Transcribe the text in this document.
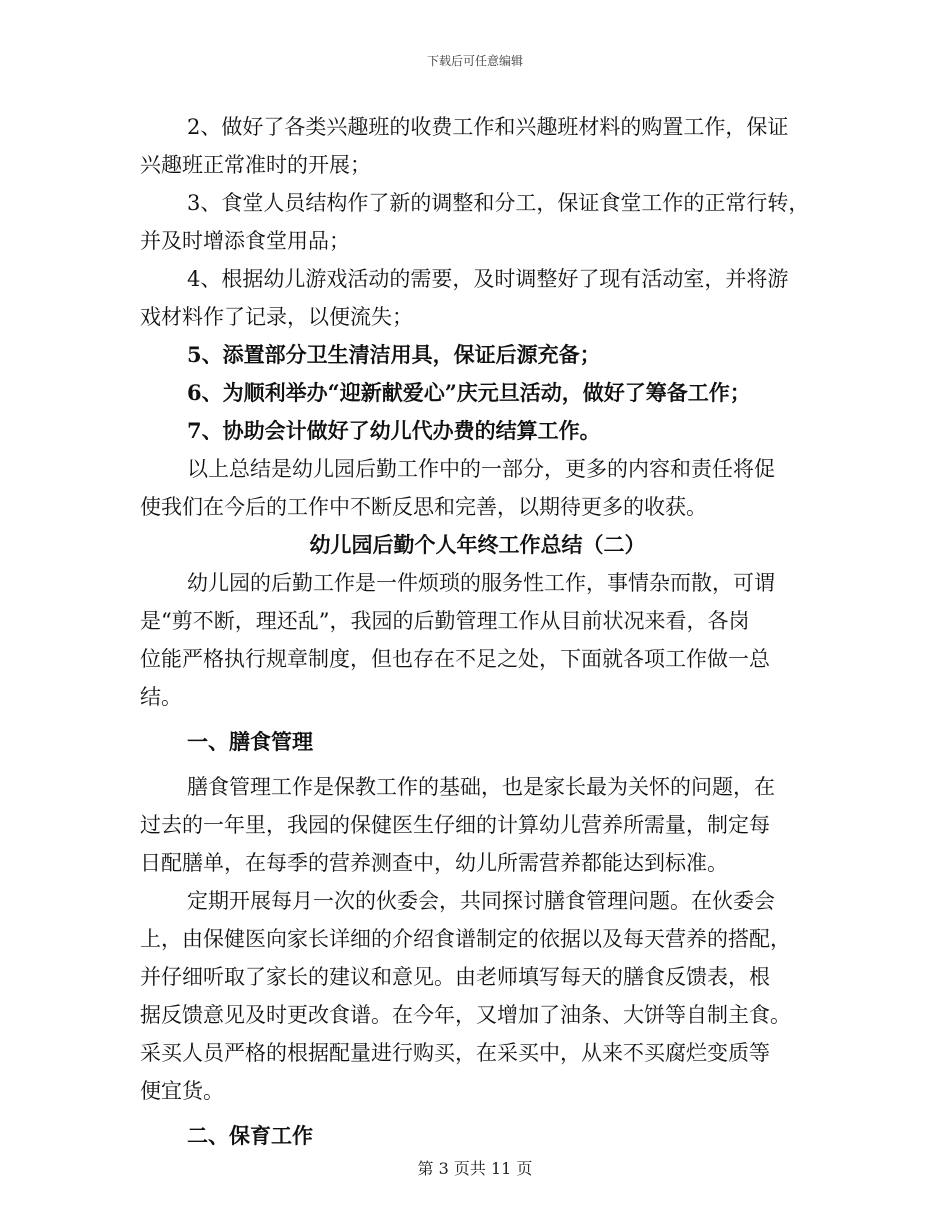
下载后可任意编辑
2、做好了各类兴趣班的收费工作和兴趣班材料的购置工作，保证
兴趣班正常准时的开展；
3、食堂人员结构作了新的调整和分工，保证食堂工作的正常行转，
并及时增添食堂用品；
4、根据幼儿游戏活动的需要，及时调整好了现有活动室，并将游
戏材料作了记录，以便流失；
5、添置部分卫生清洁用具，保证后源充备；
6、为顺利举办“迎新献爱心”庆元旦活动，做好了筹备工作；
7、协助会计做好了幼儿代办费的结算工作。
以上总结是幼儿园后勤工作中的一部分，更多的内容和责任将促
使我们在今后的工作中不断反思和完善，以期待更多的收获。
幼儿园后勤个人年终工作总结（二）
幼儿园的后勤工作是一件烦琐的服务性工作，事情杂而散，可谓
是“剪不断，理还乱”，我园的后勤管理工作从目前状况来看，各岗
位能严格执行规章制度，但也存在不足之处，下面就各项工作做一总
结。
一、膳食管理
膳食管理工作是保教工作的基础，也是家长最为关怀的问题，在
过去的一年里，我园的保健医生仔细的计算幼儿营养所需量，制定每
日配膳单，在每季的营养测查中，幼儿所需营养都能达到标准。
定期开展每月一次的伙委会，共同探讨膳食管理问题。在伙委会
上，由保健医向家长详细的介绍食谱制定的依据以及每天营养的搭配，
并仔细听取了家长的建议和意见。由老师填写每天的膳食反馈表，根
据反馈意见及时更改食谱。在今年，又增加了油条、大饼等自制主食。
采买人员严格的根据配量进行购买，在采买中，从来不买腐烂变质等
便宜货。
二、保育工作
第 3 页共 11 页
